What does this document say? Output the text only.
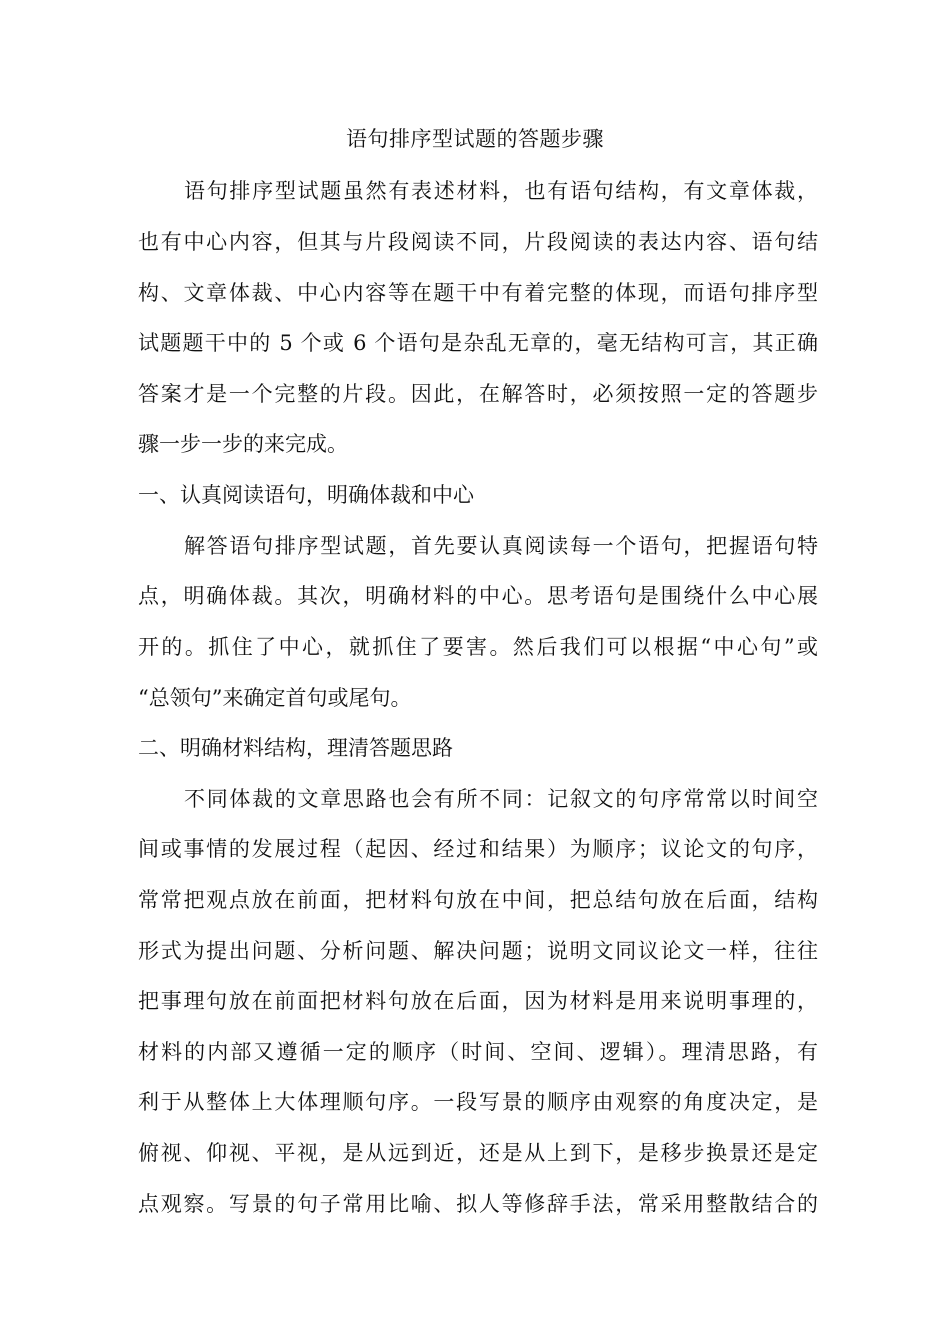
语句排序型试题的答题步骤
语句排序型试题虽然有表述材料，也有语句结构，有文章体裁，
也有中心内容，但其与片段阅读不同，片段阅读的表达内容、语句结
构、文章体裁、中心内容等在题干中有着完整的体现，而语句排序型
试题题干中的 5 个或 6 个语句是杂乱无章的，毫无结构可言，其正确
答案才是一个完整的片段。因此，在解答时，必须按照一定的答题步
骤一步一步的来完成。
一、认真阅读语句，明确体裁和中心
解答语句排序型试题，首先要认真阅读每一个语句，把握语句特
点，明确体裁。其次，明确材料的中心。思考语句是围绕什么中心展
开的。抓住了中心，就抓住了要害。然后我们可以根据“中心句”或
“总领句”来确定首句或尾句。
二、明确材料结构，理清答题思路
不同体裁的文章思路也会有所不同：记叙文的句序常常以时间空
间或事情的发展过程（起因、经过和结果）为顺序；议论文的句序，
常常把观点放在前面，把材料句放在中间，把总结句放在后面，结构
形式为提出问题、分析问题、解决问题；说明文同议论文一样，往往
把事理句放在前面把材料句放在后面，因为材料是用来说明事理的，
材料的内部又遵循一定的顺序（时间、空间、逻辑）。理清思路，有
利于从整体上大体理顺句序。一段写景的顺序由观察的角度决定，是
俯视、仰视、平视，是从远到近，还是从上到下，是移步换景还是定
点观察。写景的句子常用比喻、拟人等修辞手法，常采用整散结合的
